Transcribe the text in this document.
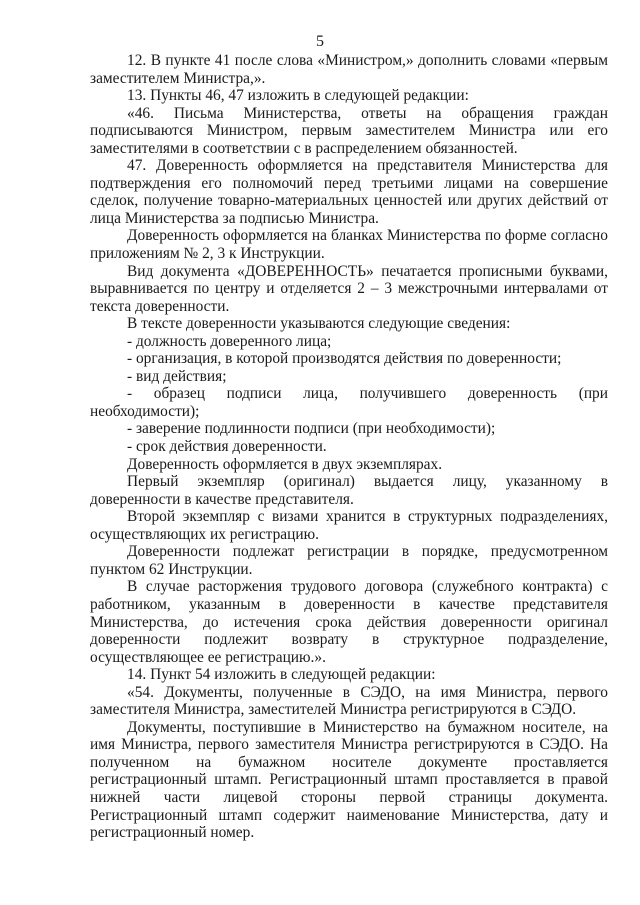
5

12. В пункте 41 после слова «Министром,» дополнить словами «первым заместителем Министра,».

13. Пункты 46, 47 изложить в следующей редакции:

«46. Письма Министерства, ответы на обращения граждан подписываются Министром, первым заместителем Министра или его заместителями в соответствии с в распределением обязанностей.

47. Доверенность оформляется на представителя Министерства для подтверждения его полномочий перед третьими лицами на совершение сделок, получение товарно-материальных ценностей или других действий от лица Министерства за подписью Министра.

Доверенность оформляется на бланках Министерства по форме согласно приложениям № 2, 3 к Инструкции.

Вид документа «ДОВЕРЕННОСТЬ» печатается прописными буквами, выравнивается по центру и отделяется 2 – 3 межстрочными интервалами от текста доверенности.

В тексте доверенности указываются следующие сведения:

- должность доверенного лица;

- организация, в которой производятся действия по доверенности;

- вид действия;

- образец подписи лица, получившего доверенность (при необходимости);

- заверение подлинности подписи (при необходимости);

- срок действия доверенности.

Доверенность оформляется в двух экземплярах.

Первый экземпляр (оригинал) выдается лицу, указанному в доверенности в качестве представителя.

Второй экземпляр с визами хранится в структурных подразделениях, осуществляющих их регистрацию.

Доверенности подлежат регистрации в порядке, предусмотренном пунктом 62 Инструкции.

В случае расторжения трудового договора (служебного контракта) с работником, указанным в доверенности в качестве представителя Министерства, до истечения срока действия доверенности оригинал доверенности подлежит возврату в структурное подразделение, осуществляющее ее регистрацию.».

14. Пункт 54 изложить в следующей редакции:

«54. Документы, полученные в СЭДО, на имя Министра, первого заместителя Министра, заместителей Министра регистрируются в СЭДО.

Документы, поступившие в Министерство на бумажном носителе, на имя Министра, первого заместителя Министра регистрируются в СЭДО. На полученном на бумажном носителе документе проставляется регистрационный штамп. Регистрационный штамп проставляется в правой нижней части лицевой стороны первой страницы документа. Регистрационный штамп содержит наименование Министерства, дату и регистрационный номер.
